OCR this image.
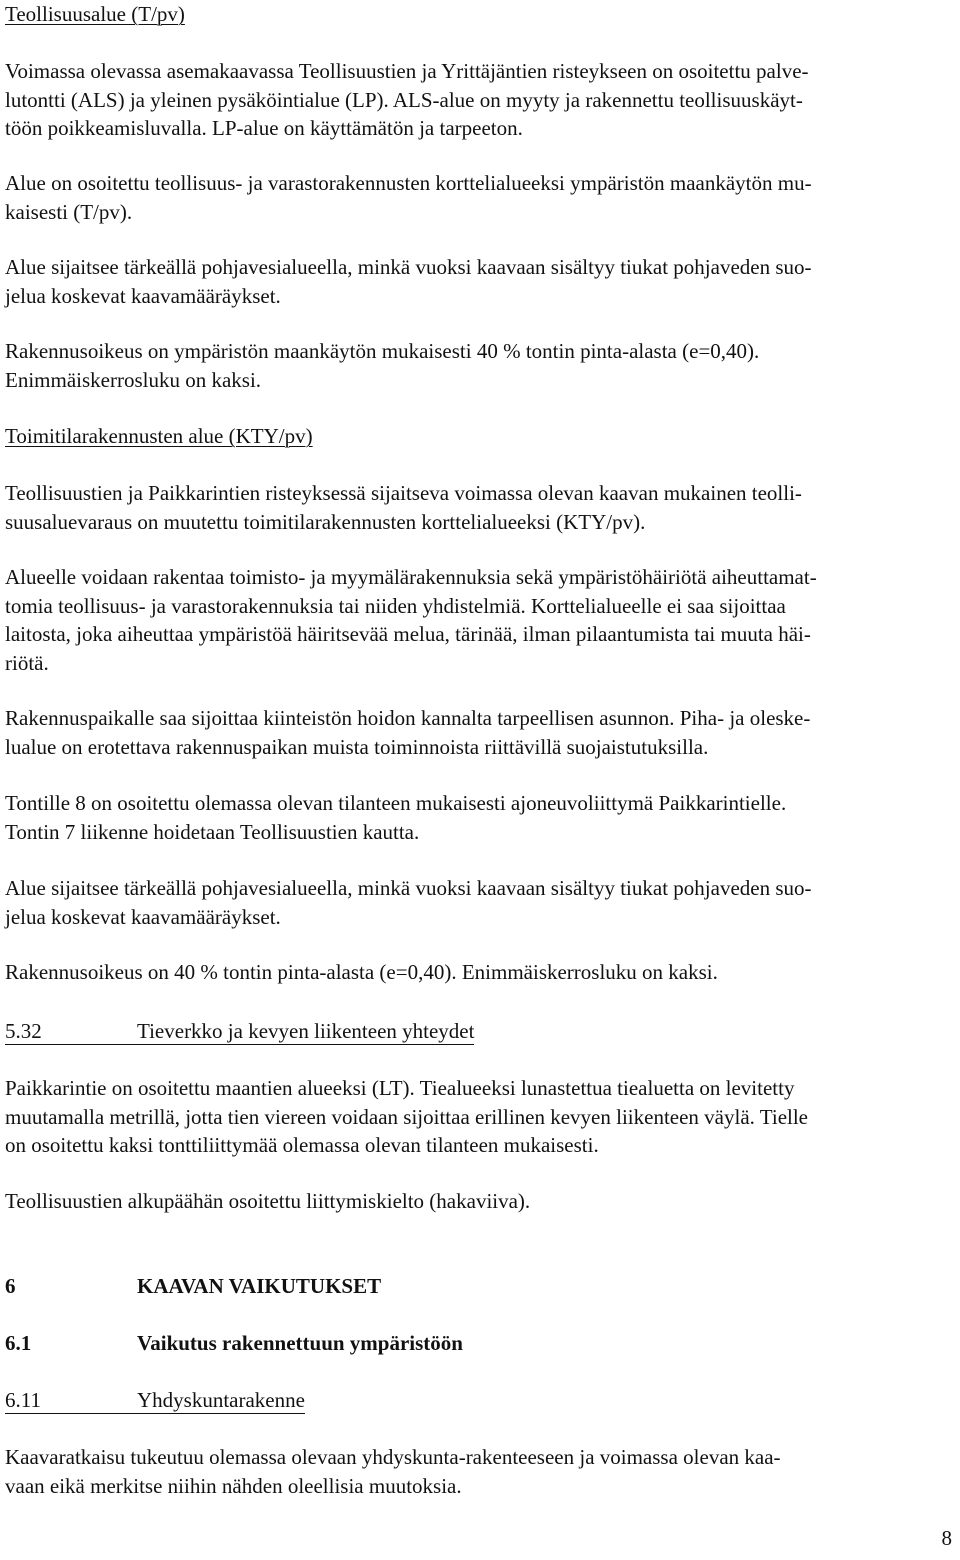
Teollisuusalue (T/pv)
Voimassa olevassa asemakaavassa Teollisuustien ja Yrittäjäntien risteykseen on osoitettu palve-
lutontti (ALS) ja yleinen pysäköintialue (LP). ALS-alue on myyty ja rakennettu teollisuuskäyt-
töön poikkeamisluvalla. LP-alue on käyttämätön ja tarpeeton.
Alue on osoitettu teollisuus- ja varastorakennusten korttelialueeksi ympäristön maankäytön mu-
kaisesti (T/pv).
Alue sijaitsee tärkeällä pohjavesialueella, minkä vuoksi kaavaan sisältyy tiukat pohjaveden suo-
jelua koskevat kaavamääräykset.
Rakennusoikeus on ympäristön maankäytön mukaisesti 40 % tontin pinta-alasta (e=0,40).
Enimmäiskerrosluku on kaksi.
Toimitilarakennusten alue (KTY/pv)
Teollisuustien ja Paikkarintien risteyksessä sijaitseva voimassa olevan kaavan mukainen teolli-
suusaluevaraus on muutettu toimitilarakennusten korttelialueeksi (KTY/pv).
Alueelle voidaan rakentaa toimisto- ja myymälärakennuksia sekä ympäristöhäiriötä aiheuttamat-
tomia teollisuus- ja varastorakennuksia tai niiden yhdistelmiä. Korttelialueelle ei saa sijoittaa
laitosta, joka aiheuttaa ympäristöä häiritsevää melua, tärinää, ilman pilaantumista tai muuta häi-
riötä.
Rakennuspaikalle saa sijoittaa kiinteistön hoidon kannalta tarpeellisen asunnon. Piha- ja oleske-
lualue on erotettava rakennuspaikan muista toiminnoista riittävillä suojaistutuksilla.
Tontille 8 on osoitettu olemassa olevan tilanteen mukaisesti ajoneuvoliittymä Paikkarintielle.
Tontin 7 liikenne hoidetaan Teollisuustien kautta.
Alue sijaitsee tärkeällä pohjavesialueella, minkä vuoksi kaavaan sisältyy tiukat pohjaveden suo-
jelua koskevat kaavamääräykset.
Rakennusoikeus on 40 % tontin pinta-alasta (e=0,40). Enimmäiskerrosluku on kaksi.
5.32	Tieverkko ja kevyen liikenteen yhteydet
Paikkarintie on osoitettu maantien alueeksi (LT). Tiealueeksi lunastettua tiealuetta on levitetty
muutamalla metrillä, jotta tien viereen voidaan sijoittaa erillinen kevyen liikenteen väylä. Tielle
on osoitettu kaksi tonttiliittymää olemassa olevan tilanteen mukaisesti.
Teollisuustien alkupäähän osoitettu liittymiskielto (hakaviiva).
6	KAAVAN VAIKUTUKSET
6.1	Vaikutus rakennettuun ympäristöön
6.11	Yhdyskuntarakenne
Kaavaratkaisu tukeutuu olemassa olevaan yhdyskunta-rakenteeseen ja voimassa olevan kaa-
vaan eikä merkitse niihin nähden oleellisia muutoksia.
8
